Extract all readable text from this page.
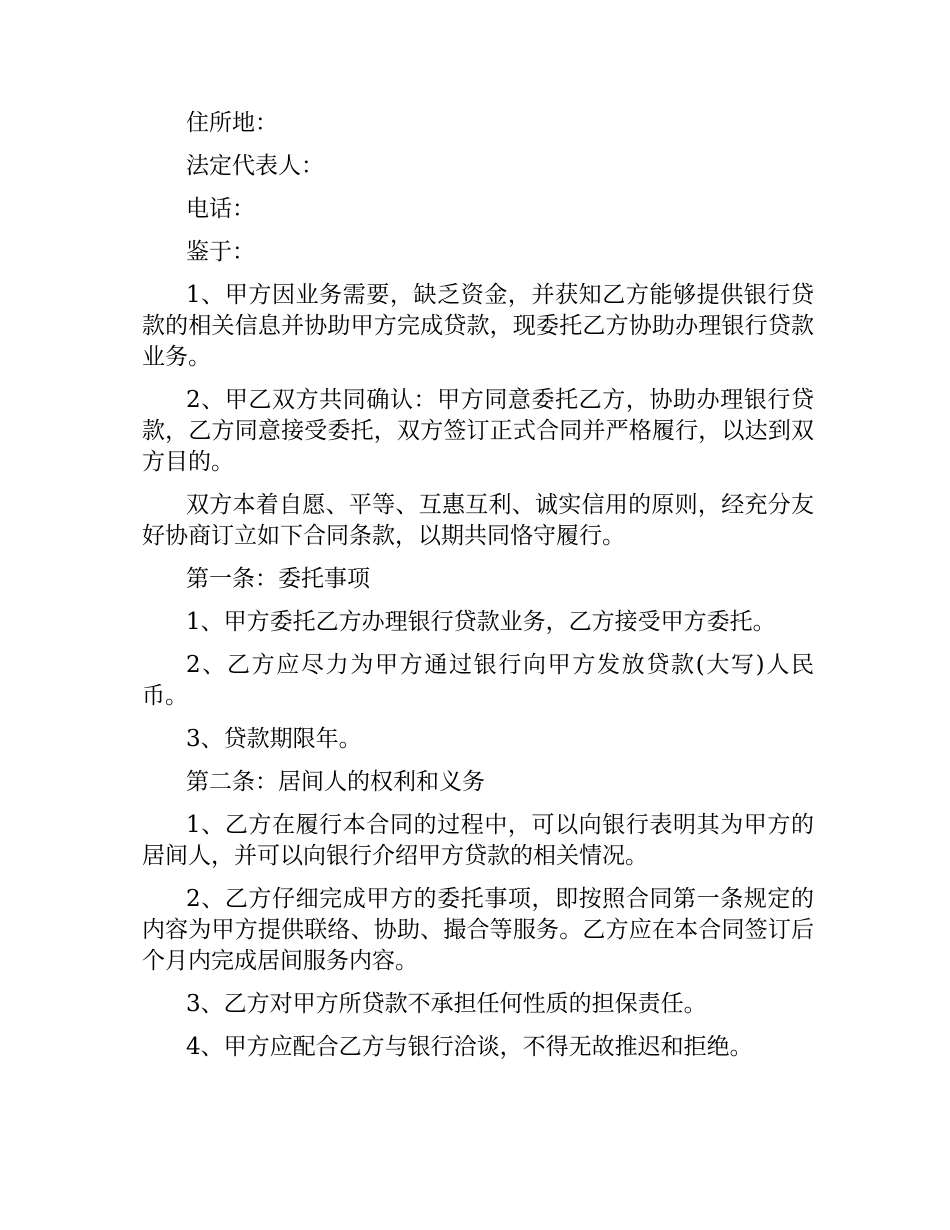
住所地：

法定代表人：

电话：

鉴于：

1、甲方因业务需要，缺乏资金，并获知乙方能够提供银行贷款的相关信息并协助甲方完成贷款，现委托乙方协助办理银行贷款业务。

2、甲乙双方共同确认：甲方同意委托乙方，协助办理银行贷款，乙方同意接受委托，双方签订正式合同并严格履行，以达到双方目的。

双方本着自愿、平等、互惠互利、诚实信用的原则，经充分友好协商订立如下合同条款，以期共同恪守履行。

第一条：委托事项

1、甲方委托乙方办理银行贷款业务，乙方接受甲方委托。

2、乙方应尽力为甲方通过银行向甲方发放贷款(大写)人民币。

3、贷款期限年。

第二条：居间人的权利和义务

1、乙方在履行本合同的过程中，可以向银行表明其为甲方的居间人，并可以向银行介绍甲方贷款的相关情况。

2、乙方仔细完成甲方的委托事项，即按照合同第一条规定的内容为甲方提供联络、协助、撮合等服务。乙方应在本合同签订后个月内完成居间服务内容。

3、乙方对甲方所贷款不承担任何性质的担保责任。

4、甲方应配合乙方与银行洽谈，不得无故推迟和拒绝。
